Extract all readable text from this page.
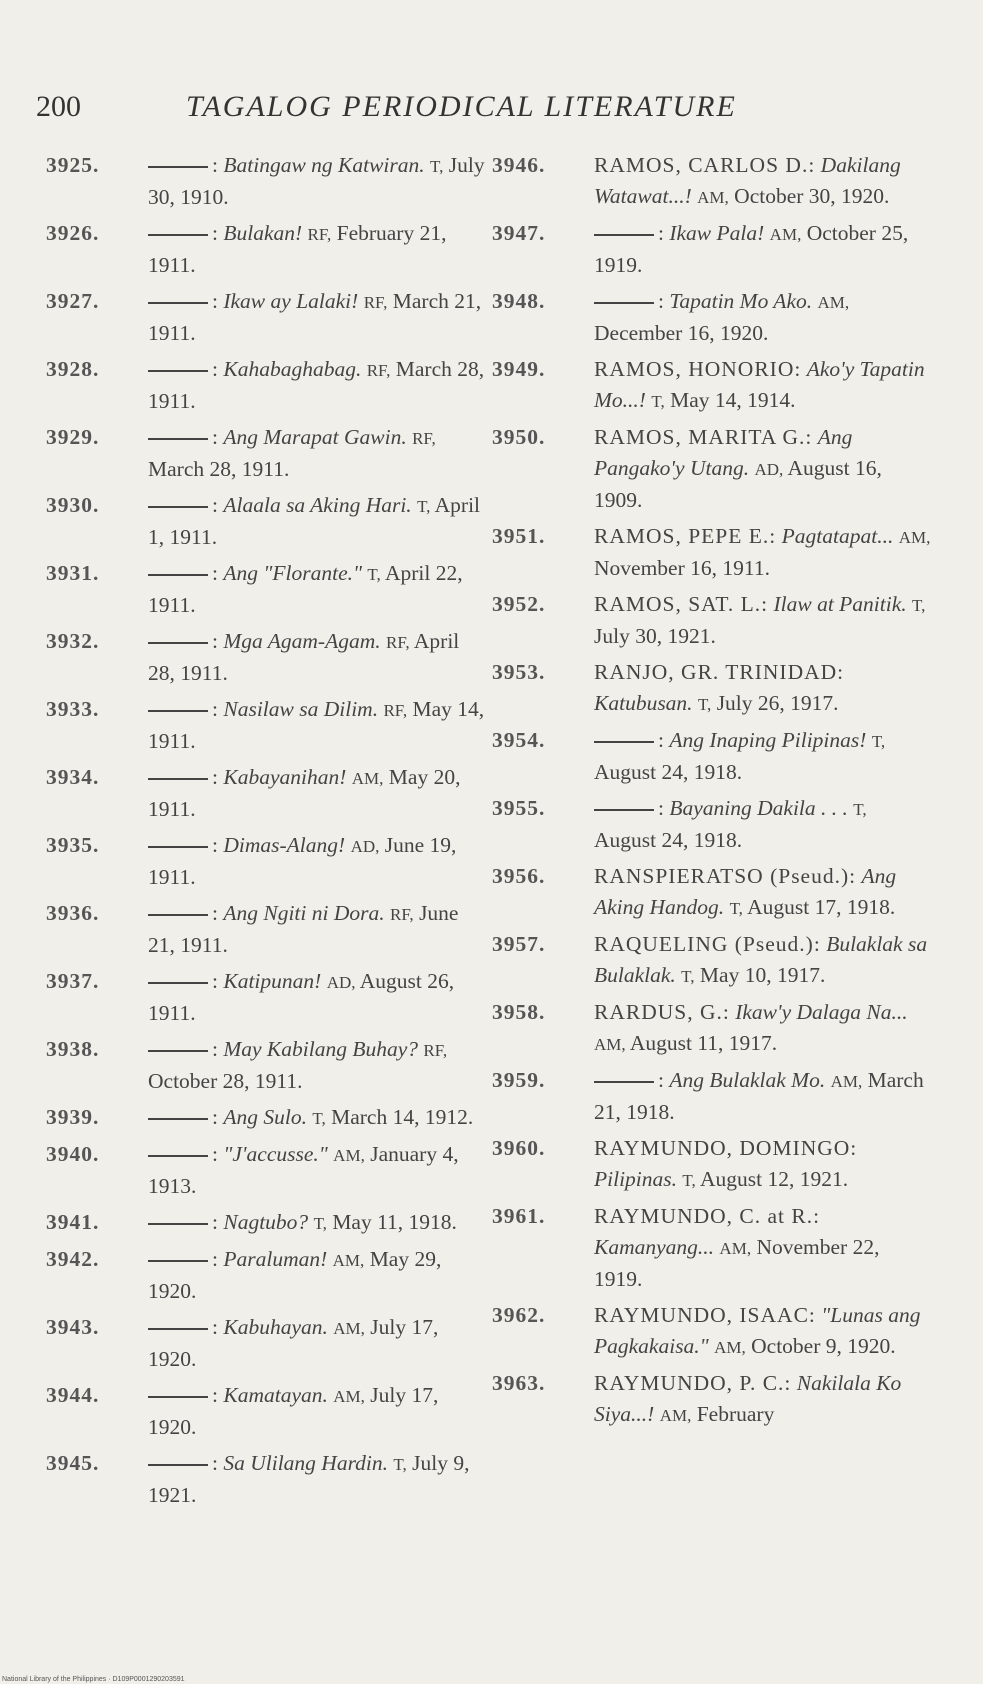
200	TAGALOG PERIODICAL LITERATURE
3925.	: Batingaw ng Katwiran. T, July 30, 1910.
3926.	: Bulakan! RF, February 21, 1911.
3927.	: Ikaw ay Lalaki! RF, March 21, 1911.
3928.	: Kahabaghabag. RF, March 28, 1911.
3929.	: Ang Marapat Gawin. RF, March 28, 1911.
3930.	: Alaala sa Aking Hari. T, April 1, 1911.
3931.	: Ang "Florante." T, April 22, 1911.
3932.	: Mga Agam-Agam. RF, April 28, 1911.
3933.	: Nasilaw sa Dilim. RF, May 14, 1911.
3934.	: Kabayanihan! AM, May 20, 1911.
3935.	: Dimas-Alang! AD, June 19, 1911.
3936.	: Ang Ngiti ni Dora. RF, June 21, 1911.
3937.	: Katipunan! AD, August 26, 1911.
3938.	: May Kabilang Buhay? RF, October 28, 1911.
3939.	: Ang Sulo. T, March 14, 1912.
3940.	: "J'accusse." AM, January 4, 1913.
3941.	: Nagtubo? T, May 11, 1918.
3942.	: Paraluman! AM, May 29, 1920.
3943.	: Kabuhayan. AM, July 17, 1920.
3944.	: Kamatayan. AM, July 17, 1920.
3945.	: Sa Ulilang Hardin. T, July 9, 1921.
3946. RAMOS, CARLOS D.: Dakilang Watawat...! AM, October 30, 1920.
3947.	: Ikaw Pala! AM, October 25, 1919.
3948.	: Tapatin Mo Ako. AM, December 16, 1920.
3949. RAMOS, HONORIO: Ako'y Tapatin Mo...! T, May 14, 1914.
3950. RAMOS, MARITA G.: Ang Pangako'y Utang. AD, August 16, 1909.
3951. RAMOS, PEPE E.: Pagtatapat... AM, November 16, 1911.
3952. RAMOS, SAT. L.: Ilaw at Panitik. T, July 30, 1921.
3953. RANJO, GR. TRINIDAD: Katubusan. T, July 26, 1917.
3954.	: Ang Inaping Pilipinas! T, August 24, 1918.
3955.	: Bayaning Dakila . . . T, August 24, 1918.
3956. RANSPIERATSO (Pseud.): Ang Aking Handog. T, August 17, 1918.
3957. RAQUELING (Pseud.): Bulaklak sa Bulaklak. T, May 10, 1917.
3958. RARDUS, G.: Ikaw'y Dalaga Na... AM, August 11, 1917.
3959.	: Ang Bulaklak Mo. AM, March 21, 1918.
3960. RAYMUNDO, DOMINGO: Pilipinas. T, August 12, 1921.
3961. RAYMUNDO, C. at R.: Kamanyang... AM, November 22, 1919.
3962. RAYMUNDO, ISAAC: "Lunas ang Pagkakaisa." AM, October 9, 1920.
3963. RAYMUNDO, P. C.: Nakilala Ko Siya...! AM, February
National Library of the Philippines · D109P0001290203591
